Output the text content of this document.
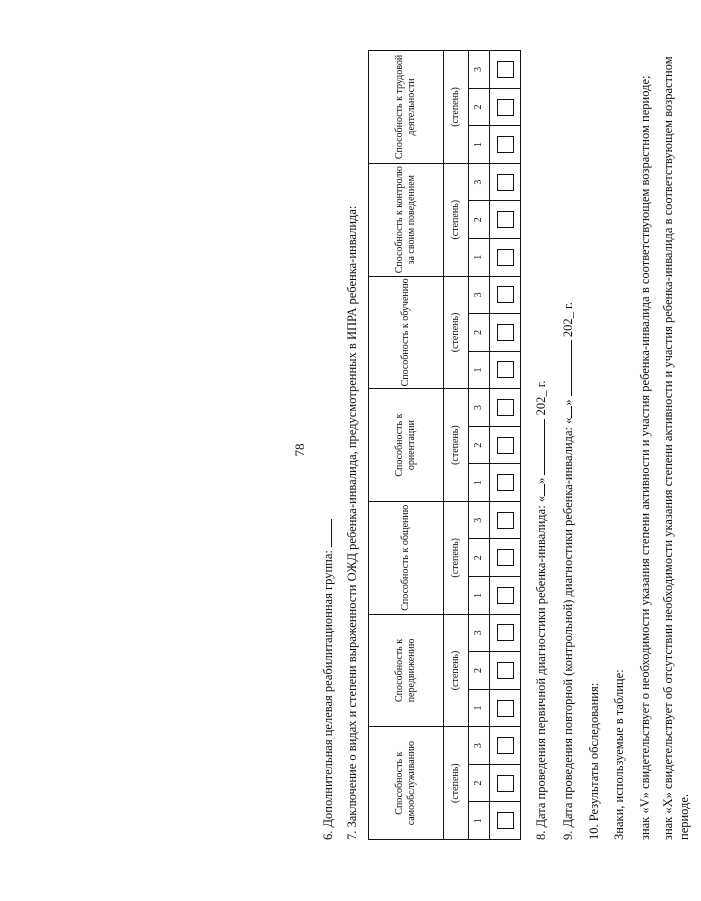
78

6. Дополнительная целевая реабилитационная группа: 7. Заключение о видах и степени выраженности ОЖД ребенка-инвалида, предусмотренных в ИПРА ребенка-инвалида:	Способность к самообслуживанию			Способность к передвижению			Способность к общению			Способность к ориентации			Способность к обучению			Способность к контролю за своим поведением			Способность к трудовой деятельности		
(степень)			(степень)			(степень)			(степень)			(степень)			(степень)			(степень)		
1	2	3	1	2	3	1	2	3	1	2	3	1	2	3	1	2	3	1	2	3

8. Дата проведения первичной диагностики ребенка-инвалида: «»  202_ г.

9. Дата проведения повторной (контрольной) диагностики ребенка-инвалида: «»  202_ г.

10. Результаты обследования: Знаки, используемые в таблице: знак «V» свидетельствует о необходимости указания степени активности и участия ребенка-инвалида в соответствующем возрастном периоде; знак «X» свидетельствует об отсутствии необходимости указания степени активности и участия ребенка-инвалида в соответствующем возрастном периоде.
